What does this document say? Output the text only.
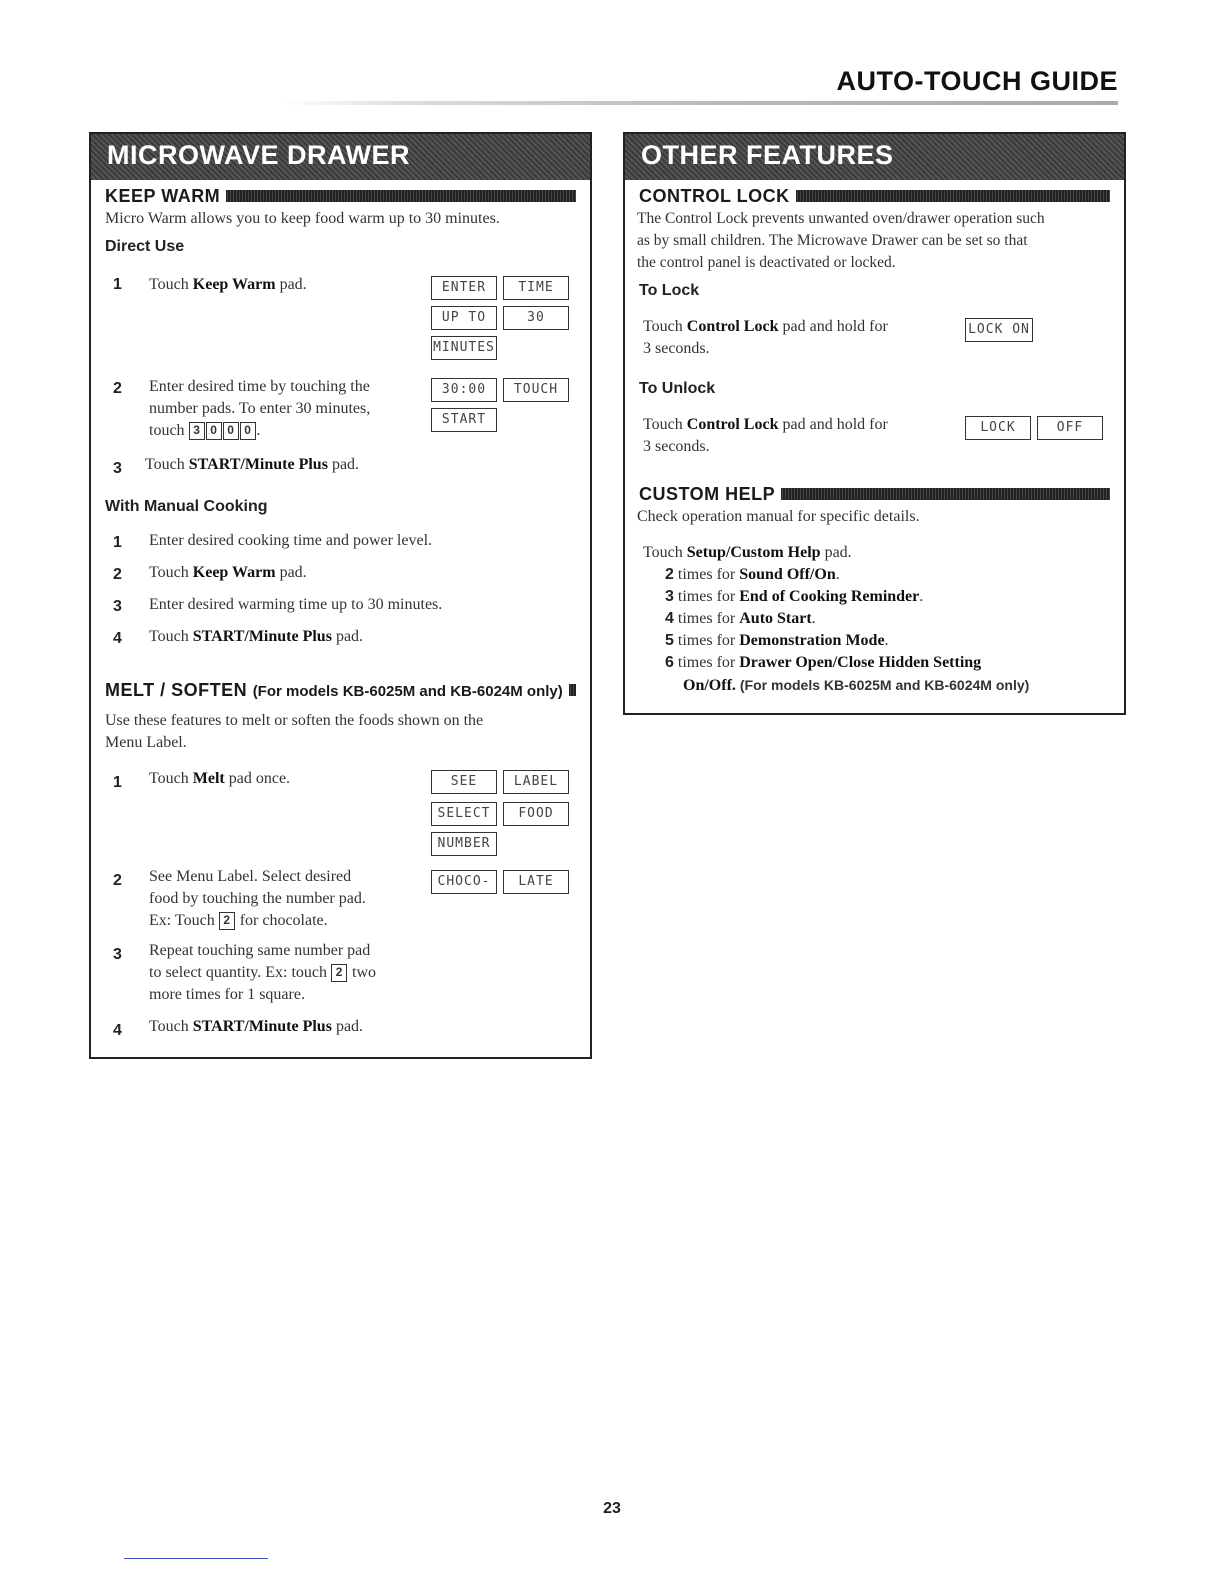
AUTO-TOUCH GUIDE
MICROWAVE DRAWER
KEEP WARM
Micro Warm allows you to keep food warm up to 30 minutes.
Direct Use
1 Touch Keep Warm pad.	ENTER	TIME
UP TO	30
MINUTES
2 Enter desired time by touching the
number pads. To enter 30 minutes,
touch 3 0 0 0 .
30:00	TOUCH
START
3 Touch START/Minute Plus pad.
With Manual Cooking
1 Enter desired cooking time and power level.
2 Touch Keep Warm pad.
3 Enter desired warming time up to 30 minutes.
4 Touch START/Minute Plus pad.
MELT / SOFTEN (For models KB-6025M and KB-6024M only)
Use these features to melt or soften the foods shown on the
Menu Label.
1 Touch Melt pad once.	SEE	LABEL
SELECT	FOOD
NUMBER
2 See Menu Label. Select desired
food by touching the number pad.
Ex: Touch 2 for chocolate.
CHOCO-	LATE
3 Repeat touching same number pad
to select quantity. Ex: touch 2 two
more times for 1 square.
4 Touch START/Minute Plus pad.
OTHER FEATURES
CONTROL LOCK
The Control Lock prevents unwanted oven/drawer operation such
as by small children. The Microwave Drawer can be set so that
the control panel is deactivated or locked.
To Lock
Touch Control Lock pad and hold for
3 seconds.
LOCK ON
To Unlock
Touch Control Lock pad and hold for
3 seconds.
LOCK	OFF
CUSTOM HELP
Check operation manual for specific details.
Touch Setup/Custom Help pad.
2 times for Sound Off/On.
3 times for End of Cooking Reminder.
4 times for Auto Start.
5 times for Demonstration Mode.
6 times for Drawer Open/Close Hidden Setting
On/Off. (For models KB-6025M and KB-6024M only)
23
